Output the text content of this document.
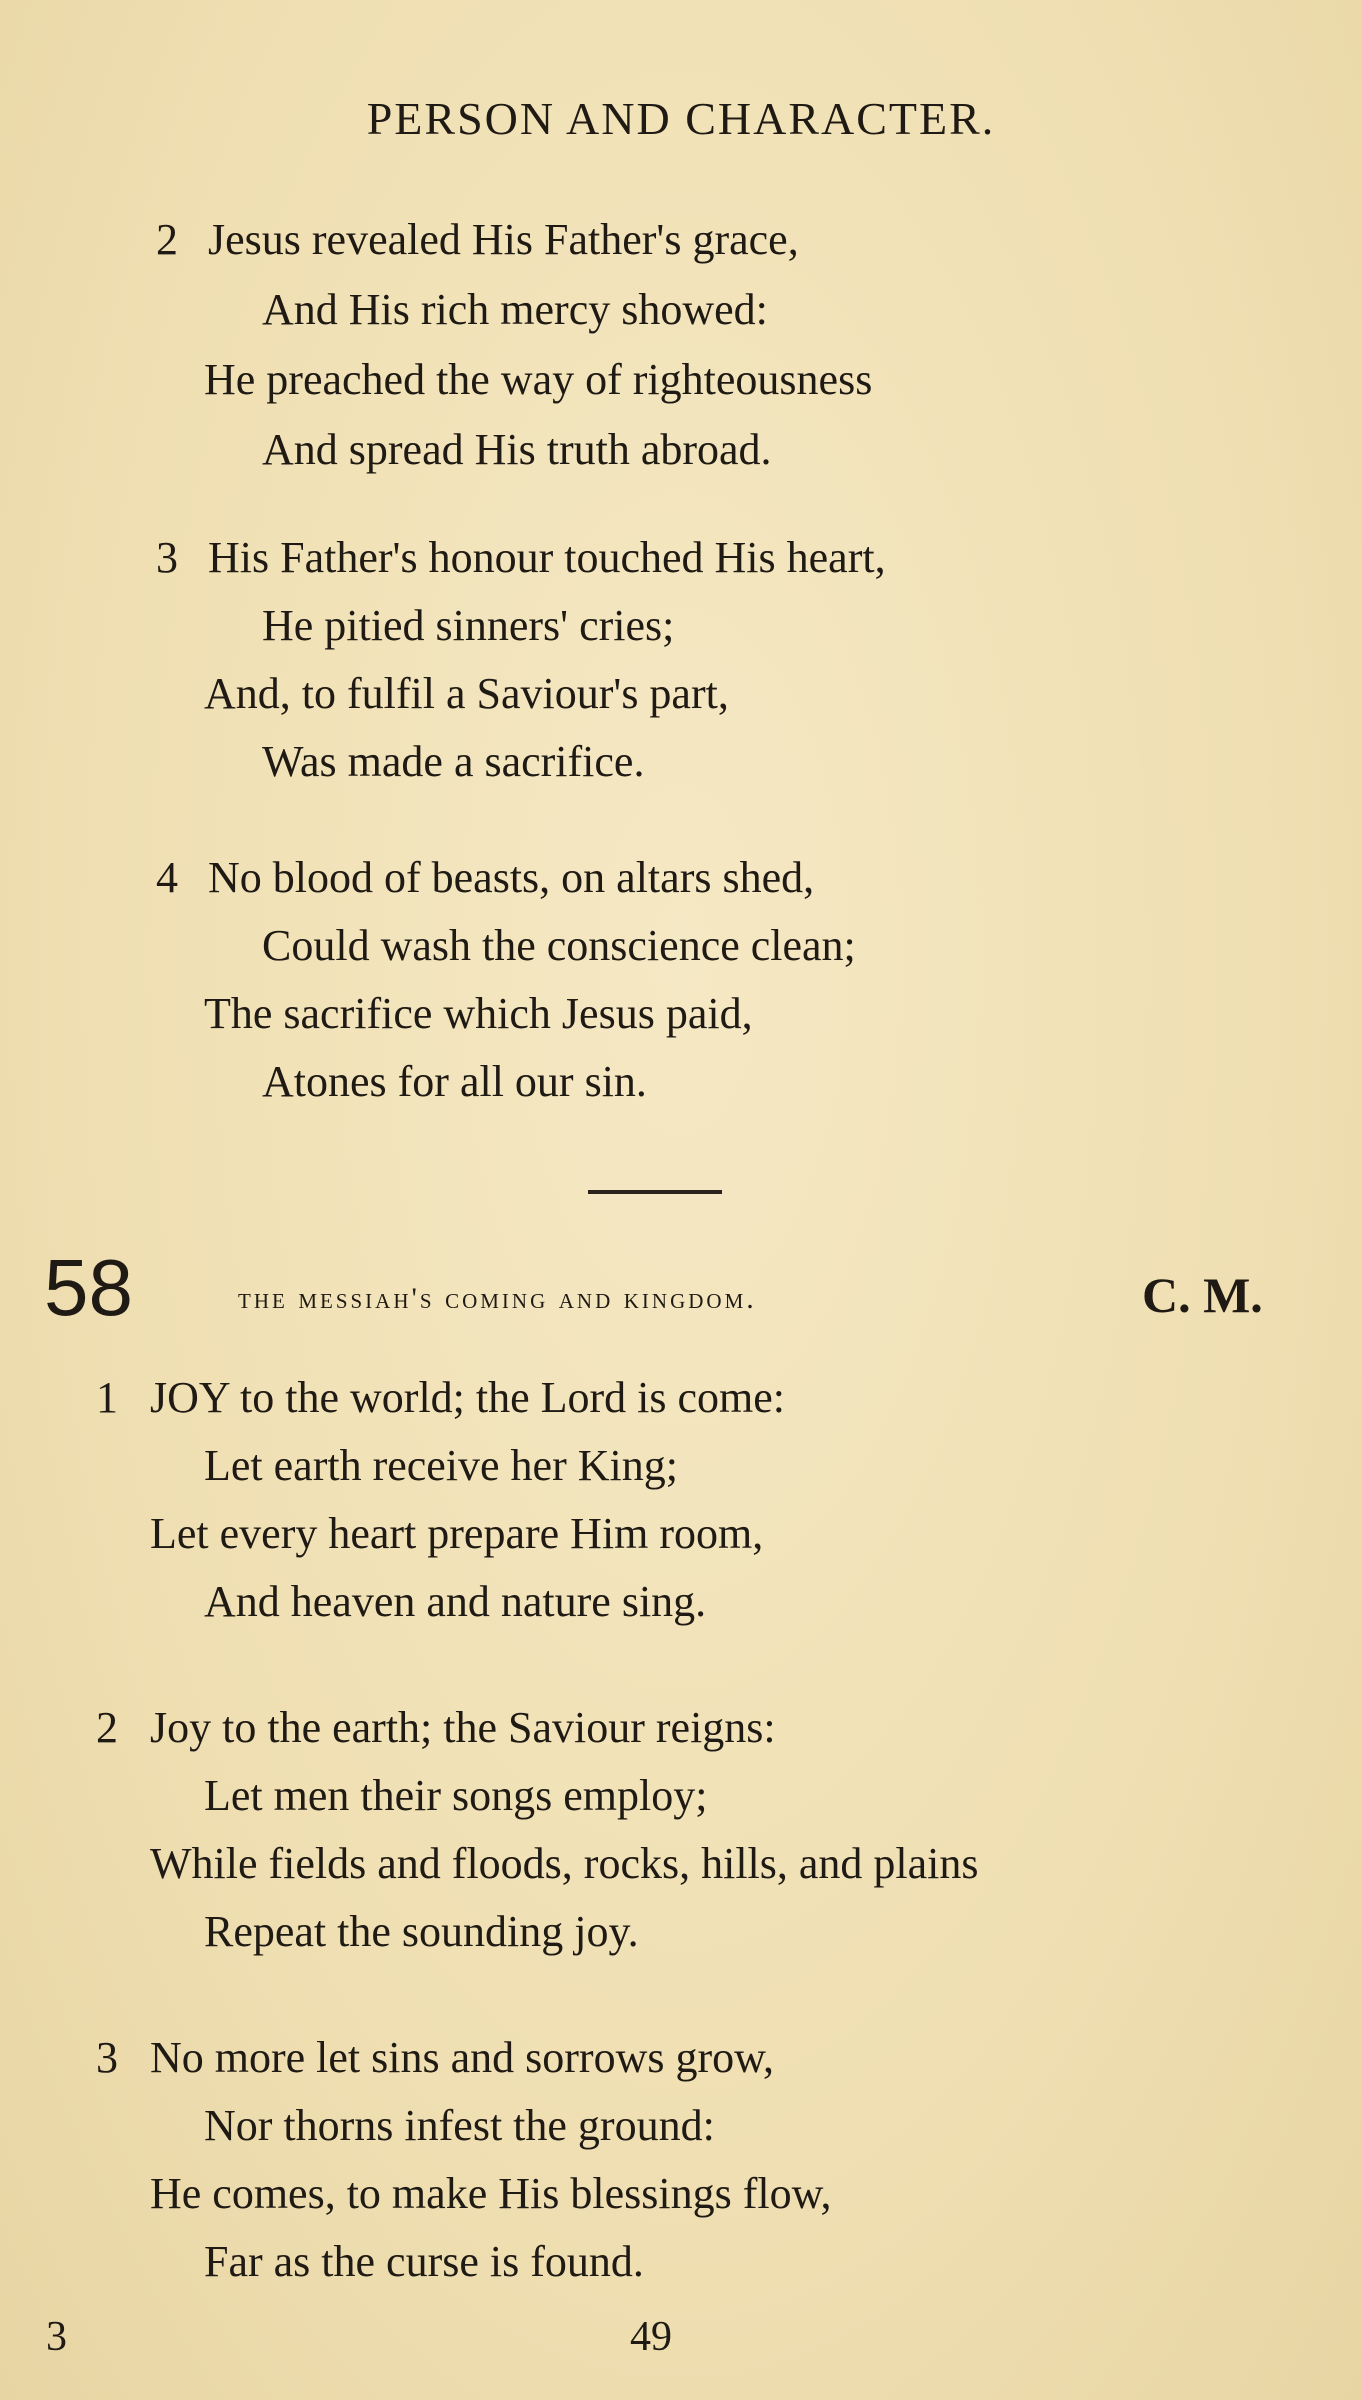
PERSON AND CHARACTER.
2 Jesus revealed His Father's grace,
And His rich mercy showed:
He preached the way of righteousness
And spread His truth abroad.
3 His Father's honour touched His heart,
He pitied sinners' cries;
And, to fulfil a Saviour's part,
Was made a sacrifice.
4 No blood of beasts, on altars shed,
Could wash the conscience clean;
The sacrifice which Jesus paid,
Atones for all our sin.
58	the messiah's coming and kingdom.	C. M.
1 JOY to the world; the Lord is come:
Let earth receive her King;
Let every heart prepare Him room,
And heaven and nature sing.
2 Joy to the earth; the Saviour reigns:
Let men their songs employ;
While fields and floods, rocks, hills, and plains
Repeat the sounding joy.
3 No more let sins and sorrows grow,
Nor thorns infest the ground:
He comes, to make His blessings flow,
Far as the curse is found.
3	49
